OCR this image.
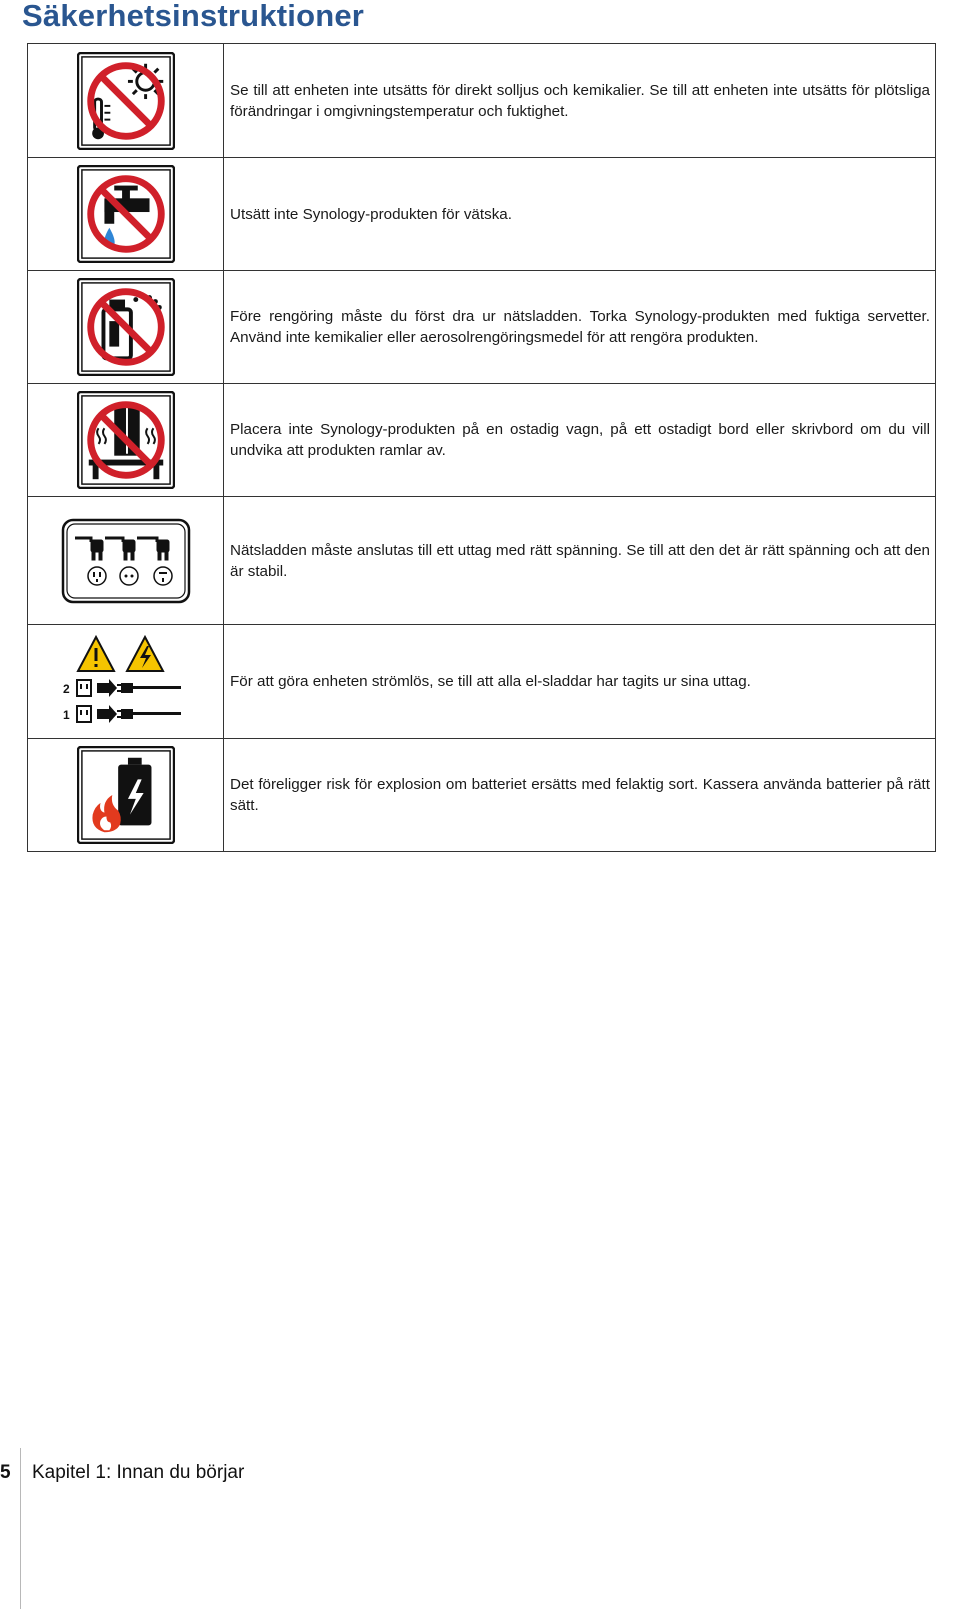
Säkerhetsinstruktioner

Se till att enheten inte utsätts för direkt solljus och kemikalier. Se till att enheten inte utsätts för plötsliga förändringar i omgivningstemperatur och fuktighet.

Utsätt inte Synology-produkten för vätska.

Före rengöring måste du först dra ur nätsladden. Torka Synology-produkten med fuktiga servetter. Använd inte kemikalier eller aerosolrengöringsmedel för att rengöra produkten.

Placera inte Synology-produkten på en ostadig vagn, på ett ostadigt bord eller skrivbord om du vill undvika att produkten ramlar av.

Nätsladden måste anslutas till ett uttag med rätt spänning. Se till att den det är rätt spänning och att den är stabil.

2
1	För att göra enheten strömlös, se till att alla el-sladdar har tagits ur sina uttag.

Det föreligger risk för explosion om batteriet ersätts med felaktig sort. Kassera använda batterier på rätt sätt.

5 Kapitel 1: Innan du börjar
